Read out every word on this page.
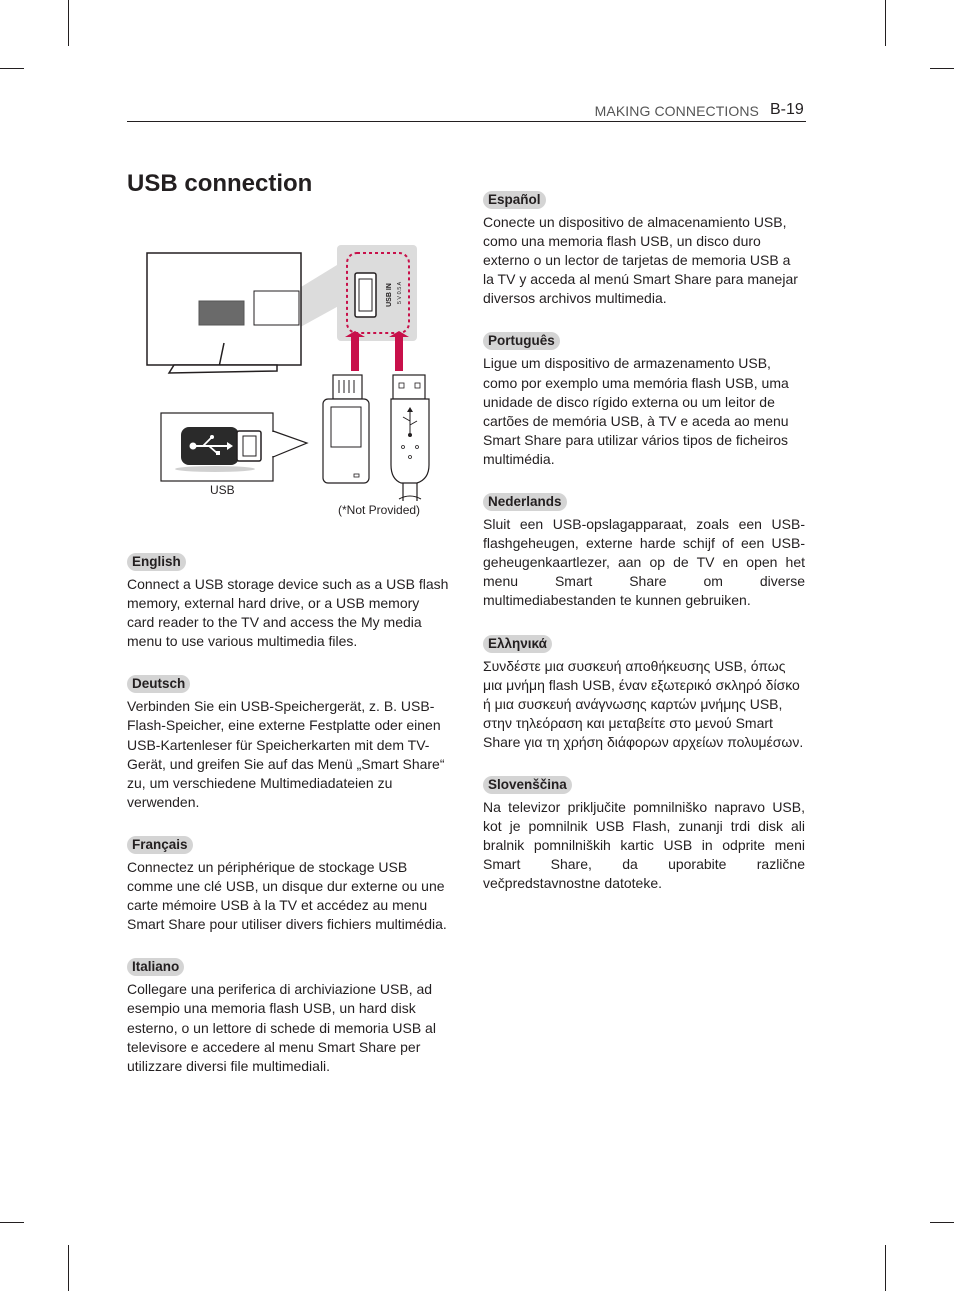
MAKING CONNECTIONS B-19
USB connection
USB IN 5 V 0.5 A
USB
(*Not Provided)
English

Connect a USB storage device such as a USB flash memory, external hard drive, or a USB memory card reader to the TV and access the My media menu to use various multimedia files.

Deutsch

Verbinden Sie ein USB-Speichergerät, z. B. USB-Flash-Speicher, eine externe Festplatte oder einen USB-Kartenleser für Speicherkarten mit dem TV-Gerät, und greifen Sie auf das Menü „Smart Share“ zu, um verschiedene Multimediadateien zu verwenden.

Français

Connectez un périphérique de stockage USB comme une clé USB, un disque dur externe ou une carte mémoire USB à la TV et accédez au menu Smart Share pour utiliser divers fichiers multimédia.

Italiano

Collegare una periferica di archiviazione USB, ad esempio una memoria flash USB, un hard disk esterno, o un lettore di schede di memoria USB al televisore e accedere al menu Smart Share per utilizzare diversi file multimediali.

Español

Conecte un dispositivo de almacenamiento USB, como una memoria flash USB, un disco duro externo o un lector de tarjetas de memoria USB a la TV y acceda al menú Smart Share para manejar diversos archivos multimedia.

Português

Ligue um dispositivo de armazenamento USB, como por exemplo uma memória flash USB, uma unidade de disco rígido externa ou um leitor de cartões de memória USB, à TV e aceda ao menu Smart Share para utilizar vários tipos de ficheiros multimédia.

Nederlands

Sluit een USB-opslagapparaat, zoals een USB-flashgeheugen, externe harde schijf of een USB-geheugenkaartlezer, aan op de TV en open het menu Smart Share om diverse multimediabestanden te kunnen gebruiken.

Ελληνικά

Συνδέστε μια συσκευή αποθήκευσης USB, όπως μια μνήμη flash USB, έναν εξωτερικό σκληρό δίσκο ή μια συσκευή ανάγνωσης καρτών μνήμης USB, στην τηλεόραση και μεταβείτε στο μενού Smart Share για τη χρήση διάφορων αρχείων πολυμέσων.

Slovenščina

Na televizor priključite pomnilniško napravo USB, kot je pomnilnik USB Flash, zunanji trdi disk ali bralnik pomnilniških kartic USB in odprite meni Smart Share, da uporabite različne večpredstavnostne datoteke.
